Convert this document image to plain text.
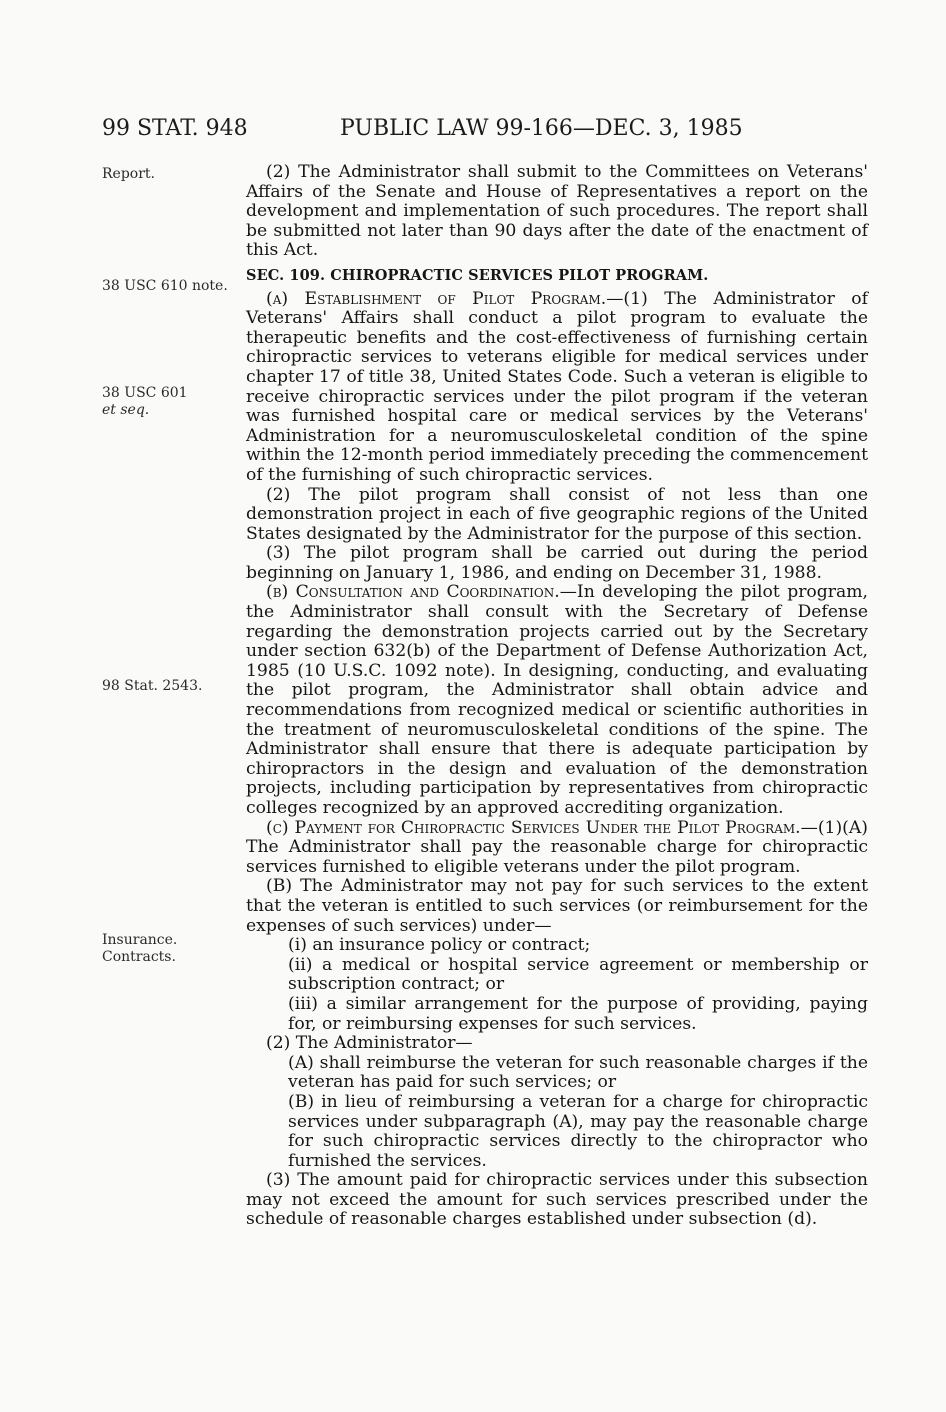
99 STAT. 948	PUBLIC LAW 99-166—DEC. 3, 1985
Report.
38 USC 610 note.
38 USC 601
et seq.
98 Stat. 2543.
Insurance.
Contracts.

(2) The Administrator shall submit to the Committees on Veterans' Affairs of the Senate and House of Representatives a report on the development and implementation of such procedures. The report shall be submitted not later than 90 days after the date of the enactment of this Act.

SEC. 109. CHIROPRACTIC SERVICES PILOT PROGRAM.

(a) Establishment of Pilot Program.—(1) The Administrator of Veterans' Affairs shall conduct a pilot program to evaluate the therapeutic benefits and the cost-effectiveness of furnishing certain chiropractic services to veterans eligible for medical services under chapter 17 of title 38, United States Code. Such a veteran is eligible to receive chiropractic services under the pilot program if the veteran was furnished hospital care or medical services by the Veterans' Administration for a neuromusculoskeletal condition of the spine within the 12-month period immediately preceding the commencement of the furnishing of such chiropractic services.

(2) The pilot program shall consist of not less than one demonstration project in each of five geographic regions of the United States designated by the Administrator for the purpose of this section.

(3) The pilot program shall be carried out during the period beginning on January 1, 1986, and ending on December 31, 1988.

(b) Consultation and Coordination.—In developing the pilot program, the Administrator shall consult with the Secretary of Defense regarding the demonstration projects carried out by the Secretary under section 632(b) of the Department of Defense Authorization Act, 1985 (10 U.S.C. 1092 note). In designing, conducting, and evaluating the pilot program, the Administrator shall obtain advice and recommendations from recognized medical or scientific authorities in the treatment of neuromusculoskeletal conditions of the spine. The Administrator shall ensure that there is adequate participation by chiropractors in the design and evaluation of the demonstration projects, including participation by representatives from chiropractic colleges recognized by an approved accrediting organization.

(c) Payment for Chiropractic Services Under the Pilot Program.—(1)(A) The Administrator shall pay the reasonable charge for chiropractic services furnished to eligible veterans under the pilot program.

(B) The Administrator may not pay for such services to the extent that the veteran is entitled to such services (or reimbursement for the expenses of such services) under—

(i) an insurance policy or contract;

(ii) a medical or hospital service agreement or membership or subscription contract; or

(iii) a similar arrangement for the purpose of providing, paying for, or reimbursing expenses for such services.

(2) The Administrator—

(A) shall reimburse the veteran for such reasonable charges if the veteran has paid for such services; or

(B) in lieu of reimbursing a veteran for a charge for chiropractic services under subparagraph (A), may pay the reasonable charge for such chiropractic services directly to the chiropractor who furnished the services.

(3) The amount paid for chiropractic services under this subsection may not exceed the amount for such services prescribed under the schedule of reasonable charges established under subsection (d).
